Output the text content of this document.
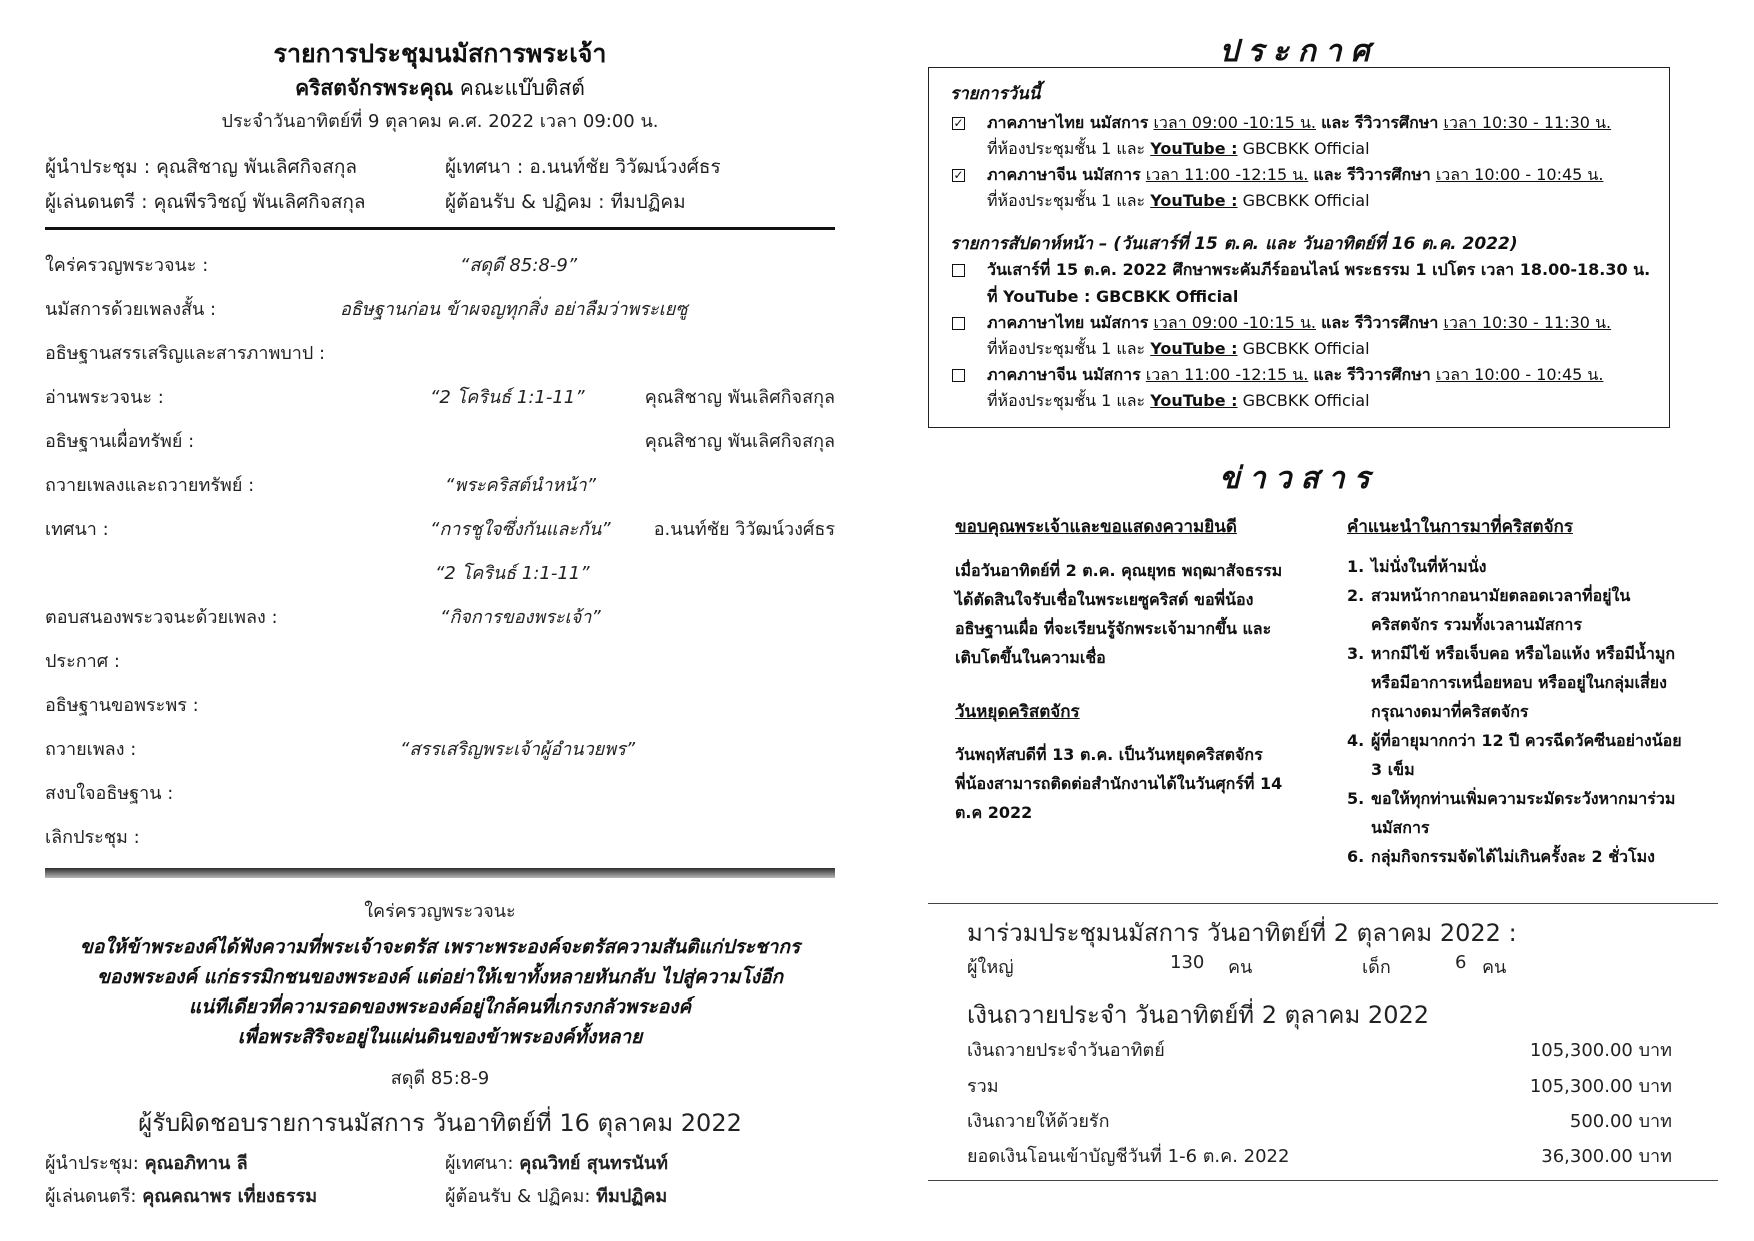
รายการประชุมนมัสการพระเจ้า
คริสตจักรพระคุณ คณะแบ๊บติสต์
ประจำวันอาทิตย์ที่ 9 ตุลาคม ค.ศ. 2022 เวลา 09:00 น.
ผู้นำประชุม : คุณสิชาญ พันเลิศกิจสกุล	ผู้เทศนา : อ.นนท์ชัย วิวัฒน์วงศ์ธร
ผู้เล่นดนตรี : คุณพีรวิชญ์ พันเลิศกิจสกุล	ผู้ต้อนรับ & ปฏิคม : ทีมปฏิคม
ใคร่ครวญพระวจนะ :	“สดุดี 85:8-9”
นมัสการด้วยเพลงสั้น :	อธิษฐานก่อน ข้าผจญทุกสิ่ง อย่าลืมว่าพระเยซู
อธิษฐานสรรเสริญและสารภาพบาป :
อ่านพระวจนะ :	“2 โครินธ์ 1:1-11”	คุณสิชาญ พันเลิศกิจสกุล
อธิษฐานเผื่อทรัพย์ :	คุณสิชาญ พันเลิศกิจสกุล
ถวายเพลงและถวายทรัพย์ :	“พระคริสต์นำหน้า”
เทศนา :	“การชูใจซึ่งกันและกัน” อ.นนท์ชัย วิวัฒน์วงศ์ธร
“2 โครินธ์ 1:1-11”
ตอบสนองพระวจนะด้วยเพลง :	“กิจการของพระเจ้า”
ประกาศ :
อธิษฐานขอพระพร :
ถวายเพลง :	“สรรเสริญพระเจ้าผู้อำนวยพร”
สงบใจอธิษฐาน :
เลิกประชุม :
ใคร่ครวญพระวจนะ
ขอให้ข้าพระองค์ได้ฟังความที่พระเจ้าจะตรัส เพราะพระองค์จะตรัสความสันติแก่ประชากร
ของพระองค์ แก่ธรรมิกชนของพระองค์ แต่อย่าให้เขาทั้งหลายหันกลับ ไปสู่ความโง่อีก
แน่ทีเดียวที่ความรอดของพระองค์อยู่ใกล้คนที่เกรงกลัวพระองค์
เพื่อพระสิริจะอยู่ในแผ่นดินของข้าพระองค์ทั้งหลาย
สดุดี 85:8-9
ผู้รับผิดชอบรายการนมัสการ วันอาทิตย์ที่ 16 ตุลาคม 2022
ผู้นำประชุม: คุณอภิทาน ลี	ผู้เทศนา: คุณวิทย์ สุนทรนันท์
ผู้เล่นดนตรี: คุณคณาพร เที่ยงธรรม	ผู้ต้อนรับ & ปฏิคม: ทีมปฏิคม
ประกาศ
รายการวันนี้
✓ ภาคภาษาไทย นมัสการ เวลา 09:00 -10:15 น. และ รีวิวารศึกษา เวลา 10:30 - 11:30 น.
ที่ห้องประชุมชั้น 1 และ YouTube : GBCBKK Official
✓ ภาคภาษาจีน นมัสการ เวลา 11:00 -12:15 น. และ รีวิวารศึกษา เวลา 10:00 - 10:45 น.
ที่ห้องประชุมชั้น 1 และ YouTube : GBCBKK Official
รายการสัปดาห์หน้า – (วันเสาร์ที่ 15 ต.ค. และ วันอาทิตย์ที่ 16 ต.ค. 2022)
วันเสาร์ที่ 15 ต.ค. 2022 ศึกษาพระคัมภีร์ออนไลน์ พระธรรม 1 เปโตร เวลา 18.00-18.30 น.
ที่ YouTube : GBCBKK Official
ภาคภาษาไทย นมัสการ เวลา 09:00 -10:15 น. และ รีวิวารศึกษา เวลา 10:30 - 11:30 น.
ที่ห้องประชุมชั้น 1 และ YouTube : GBCBKK Official
ภาคภาษาจีน นมัสการ เวลา 11:00 -12:15 น. และ รีวิวารศึกษา เวลา 10:00 - 10:45 น.
ที่ห้องประชุมชั้น 1 และ YouTube : GBCBKK Official
ข่าวสาร
ขอบคุณพระเจ้าและขอแสดงความยินดี
เมื่อวันอาทิตย์ที่ 2 ต.ค. คุณยุทธ พฤฒาสัจธรรม
ได้ตัดสินใจรับเชื่อในพระเยซูคริสต์ ขอพี่น้อง
อธิษฐานเผื่อ ที่จะเรียนรู้จักพระเจ้ามากขึ้น และ
เติบโตขึ้นในความเชื่อ
วันหยุดคริสตจักร
วันพฤหัสบดีที่ 13 ต.ค. เป็นวันหยุดคริสตจักร
พี่น้องสามารถติดต่อสำนักงานได้ในวันศุกร์ที่ 14
ต.ค 2022
คำแนะนำในการมาที่คริสตจักร
1. ไม่นั่งในที่ห้ามนั่ง
2. สวมหน้ากากอนามัยตลอดเวลาที่อยู่ใน
คริสตจักร รวมทั้งเวลานมัสการ
3. หากมีไข้ หรือเจ็บคอ หรือไอแห้ง หรือมีน้ำมูก
หรือมีอาการเหนื่อยหอบ หรืออยู่ในกลุ่มเสี่ยง
กรุณางดมาที่คริสตจักร
4. ผู้ที่อายุมากกว่า 12 ปี ควรฉีดวัคซีนอย่างน้อย
3 เข็ม
5. ขอให้ทุกท่านเพิ่มความระมัดระวังหากมาร่วม
นมัสการ
6. กลุ่มกิจกรรมจัดได้ไม่เกินครั้งละ 2 ชั่วโมง
มาร่วมประชุมนมัสการ วันอาทิตย์ที่ 2 ตุลาคม 2022 :
ผู้ใหญ่	130 คน	เด็ก	6 คน
เงินถวายประจำ วันอาทิตย์ที่ 2 ตุลาคม 2022
เงินถวายประจำวันอาทิตย์	105,300.00 บาท
รวม	105,300.00 บาท
เงินถวายให้ด้วยรัก	500.00 บาท
ยอดเงินโอนเข้าบัญชีวันที่ 1-6 ต.ค. 2022	36,300.00 บาท
